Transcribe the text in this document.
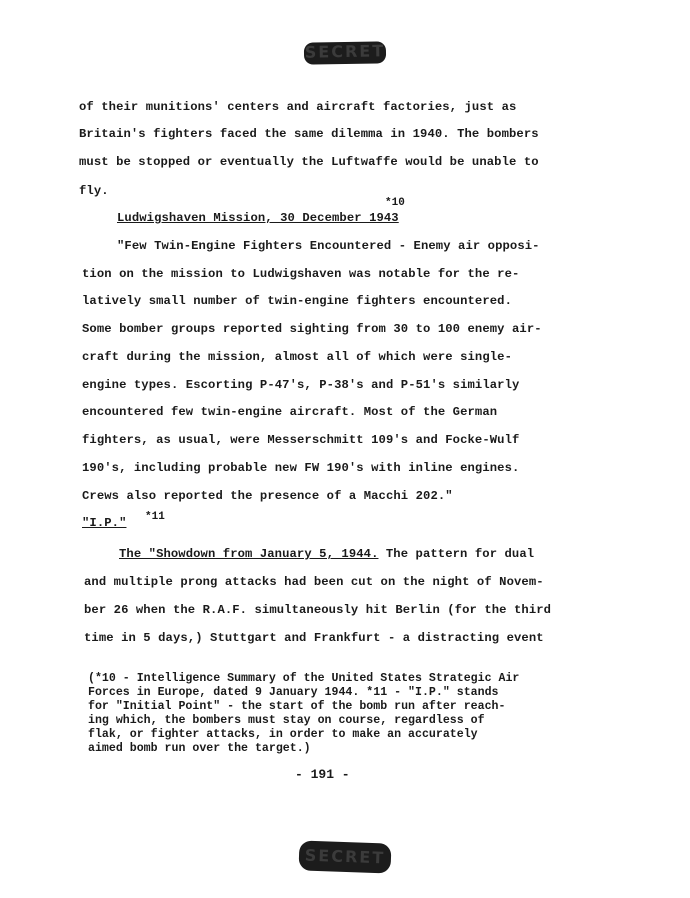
SECRET
of their munitions' centers and aircraft factories, just as
Britain's fighters faced the same dilemma in 1940. The bombers
must be stopped or eventually the Luftwaffe would be unable to
fly.
*10
Ludwigshaven Mission, 30 December 1943
"Few Twin-Engine Fighters Encountered - Enemy air opposi-
tion on the mission to Ludwigshaven was notable for the re-
latively small number of twin-engine fighters encountered.
Some bomber groups reported sighting from 30 to 100 enemy air-
craft during the mission, almost all of which were single-
engine types. Escorting P-47's, P-38's and P-51's similarly
encountered few twin-engine aircraft. Most of the German
fighters, as usual, were Messerschmitt 109's and Focke-Wulf
190's, including probable new FW 190's with inline engines.
Crews also reported the presence of a Macchi 202."
"I.P." *11
The "Showdown from January 5, 1944. The pattern for dual
and multiple prong attacks had been cut on the night of Novem-
ber 26 when the R.A.F. simultaneously hit Berlin (for the third
time in 5 days,) Stuttgart and Frankfurt - a distracting event
(*10 - Intelligence Summary of the United States Strategic Air
Forces in Europe, dated 9 January 1944. *11 - "I.P." stands
for "Initial Point" - the start of the bomb run after reach-
ing which, the bombers must stay on course, regardless of
flak, or fighter attacks, in order to make an accurately
aimed bomb run over the target.)
- 191 -
SECRET
